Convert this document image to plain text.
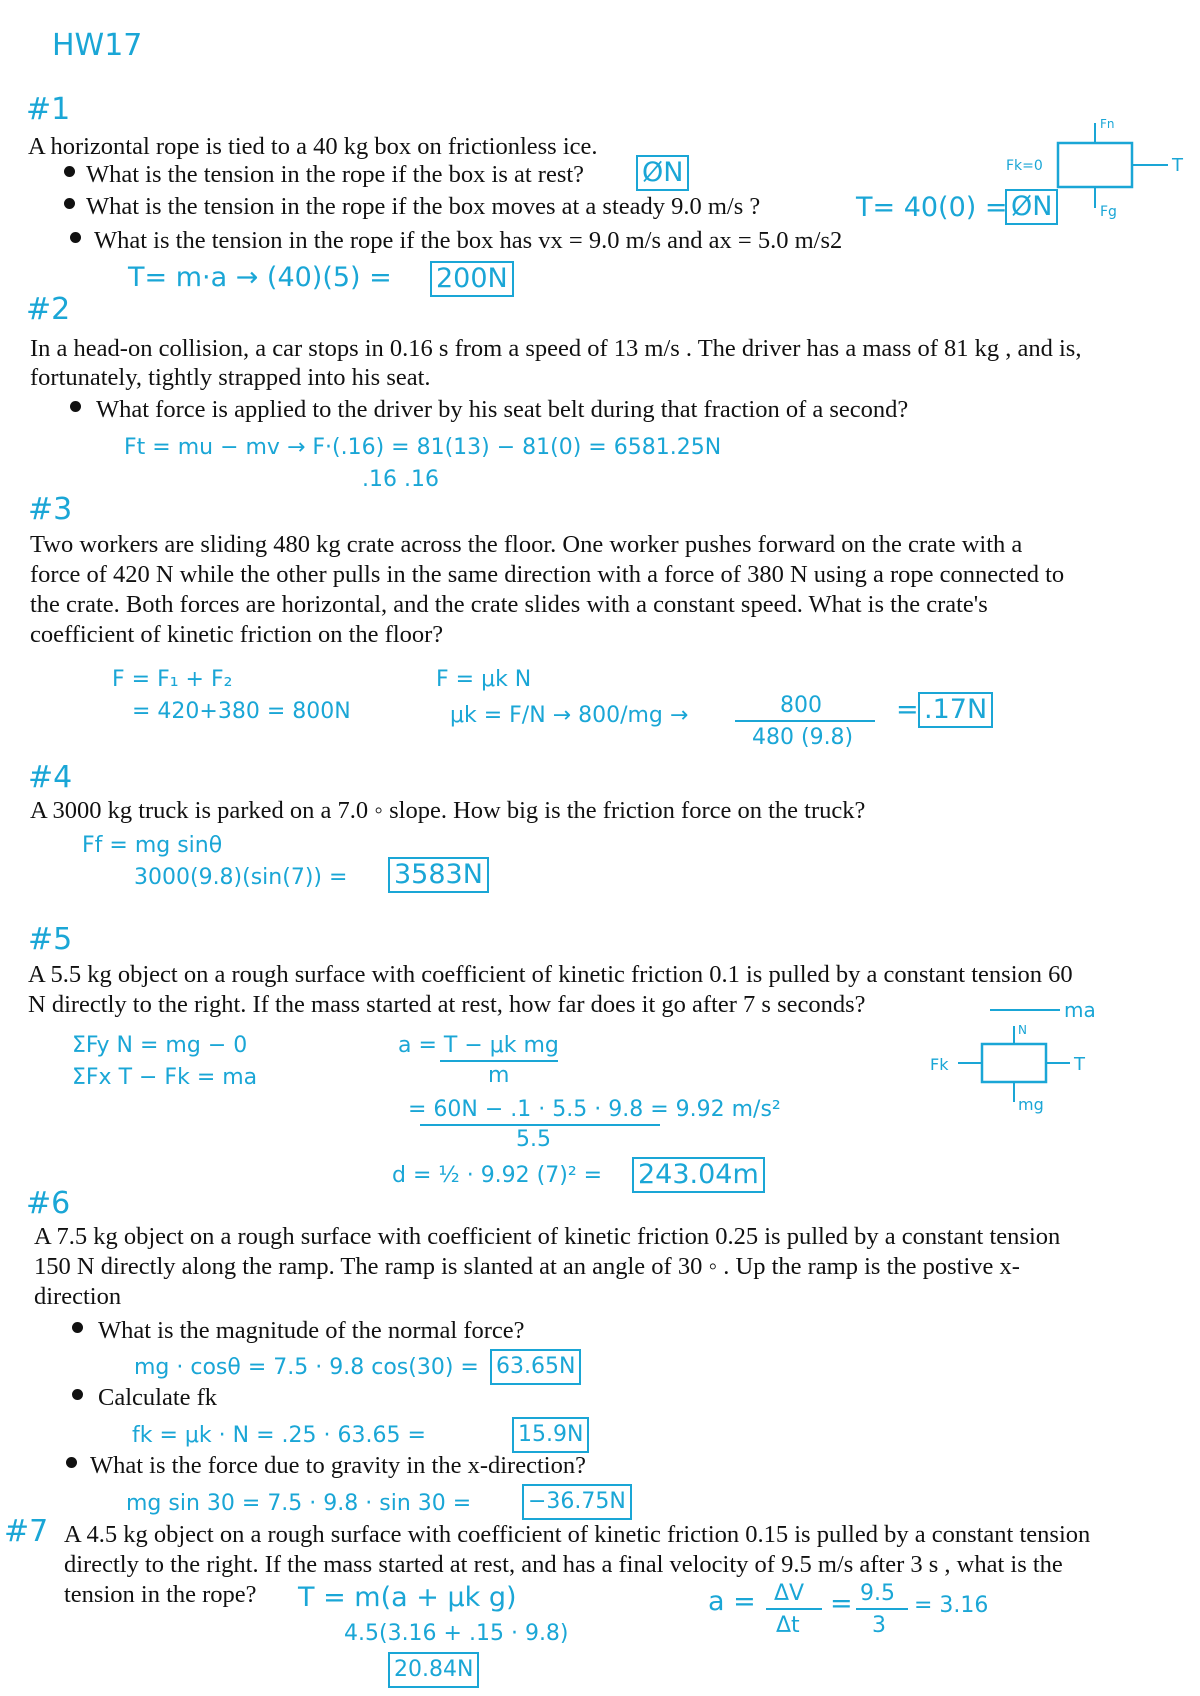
HW17
#1
A horizontal rope is tied to a 40 kg box on frictionless ice.
What is the tension in the rope if the box is at rest? ØN
What is the tension in the rope if the box moves at a steady 9.0 m/s ?	T= 40(0) = ØN
What is the tension in the rope if the box has vx = 9.0 m/s and ax = 5.0 m/s2
T= m·a → (40)(5) = 200N
Fn
Fk=0	T
Fg
#2
In a head-on collision, a car stops in 0.16 s from a speed of 13 m/s . The driver has a mass of 81 kg , and is,
fortunately, tightly strapped into his seat.
What force is applied to the driver by his seat belt during that fraction of a second?
Ft = mu − mv → F·(.16) = 81(13) − 81(0) = 6581.25N
.16 .16
#3
Two workers are sliding 480 kg crate across the floor. One worker pushes forward on the crate with a
force of 420 N while the other pulls in the same direction with a force of 380 N using a rope connected to
the crate. Both forces are horizontal, and the crate slides with a constant speed. What is the crate's
coefficient of kinetic friction on the floor?
F = F₁ + F₂
= 420+380 = 800N
F = μk N
μk = F/N → 800/mg →	800
480 (9.8)
= .17N
#4
A 3000 kg truck is parked on a 7.0 ◦ slope. How big is the friction force on the truck?
Ff = mg sinθ
3000(9.8)(sin(7)) = 3583N
#5
A 5.5 kg object on a rough surface with coefficient of kinetic friction 0.1 is pulled by a constant tension 60
N directly to the right. If the mass started at rest, how far does it go after 7 s seconds?
ΣFy N = mg − 0
ΣFx T − Fk = ma
a = T − μk mg
m
= 60N − .1 · 5.5 · 9.8 = 9.92 m/s²
5.5
d = ½ · 9.92 (7)² = 243.04m
ma
N
Fk	T
mg
#6
A 7.5 kg object on a rough surface with coefficient of kinetic friction 0.25 is pulled by a constant tension
150 N directly along the ramp. The ramp is slanted at an angle of 30 ◦ . Up the ramp is the postive x-
direction
What is the magnitude of the normal force?
mg · cosθ = 7.5 · 9.8 cos(30) = 63.65N
Calculate fk
fk = μk · N = .25 · 63.65 =	15.9N
What is the force due to gravity in the x-direction?
mg sin 30 = 7.5 · 9.8 · sin 30 =	−36.75N
#7 A 4.5 kg object on a rough surface with coefficient of kinetic friction 0.15 is pulled by a constant tension
directly to the right. If the mass started at rest, and has a final velocity of 9.5 m/s after 3 s , what is the
tension in the rope? T = m(a + μk g)
4.5(3.16 + .15 · 9.8)
20.84N
a = ΔV
Δt
= 9.5
3
= 3.16
